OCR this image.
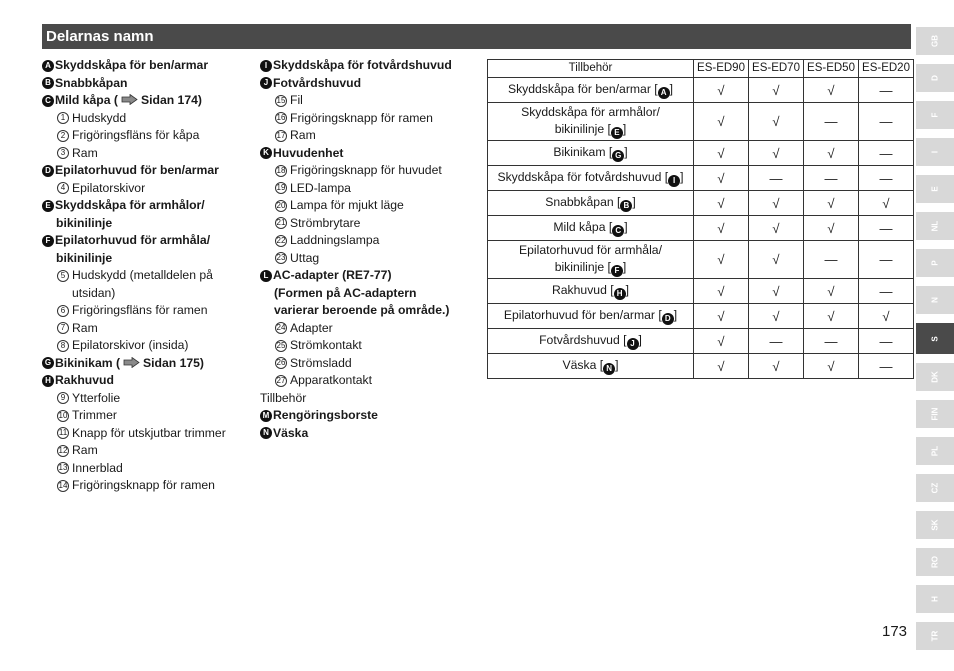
Delarnas namn
A Skyddskåpa för ben/armar
B Snabbkåpan
C Mild kåpa ( Sidan 174)
1 Hudskydd
2 Frigöringsfläns för kåpa
3 Ram
D Epilatorhuvud för ben/armar
4 Epilatorskivor
E Skyddskåpa för armhålor/
bikinilinje
F Epilatorhuvud för armhåla/
bikinilinje
5 Hudskydd (metalldelen på
utsidan)
6 Frigöringsfläns för ramen
7 Ram
8 Epilatorskivor (insida)
G Bikinikam ( Sidan 175)
H Rakhuvud
9 Ytterfolie
10 Trimmer
11 Knapp för utskjutbar trimmer
12 Ram
13 Innerblad
14 Frigöringsknapp för ramen
I Skyddskåpa för fotvårdshuvud
J Fotvårdshuvud
15 Fil
16 Frigöringsknapp för ramen
17 Ram
K Huvudenhet
18 Frigöringsknapp för huvudet
19 LED-lampa
20 Lampa för mjukt läge
21 Strömbrytare
22 Laddningslampa
23 Uttag
L AC-adapter (RE7-77)
(Formen på AC-adaptern
varierar beroende på område.)
24 Adapter
25 Strömkontakt
26 Strömsladd
27 Apparatkontakt
Tillbehör
M Rengöringsborste
N Väska
Tillbehör	ES-ED90	ES-ED70	ES-ED50	ES-ED20
Skyddskåpa för ben/armar [ A ]	√	√	√	—
Skyddskåpa för armhålor/
bikinilinje [ E ]	√	√	—	—
Bikinikam [ G ]	√	√	√	—
Skyddskåpa för fotvårdshuvud [ I ]	√	—	—	—
Snabbkåpan [ B ]	√	√	√	√
Mild kåpa [ C ]	√	√	√	—
Epilatorhuvud för armhåla/
bikinilinje [ F ]	√	√	—	—
Rakhuvud [ H ]	√	√	√	—
Epilatorhuvud för ben/armar [ D ]	√	√	√	√
Fotvårdshuvud [ J ]	√	—	—	—
Väska [ N ]	√	√	√	—
GB
D
F
I
E
NL
P
N
S
DK
FIN
PL
CZ
SK
RO
H
TR
173
